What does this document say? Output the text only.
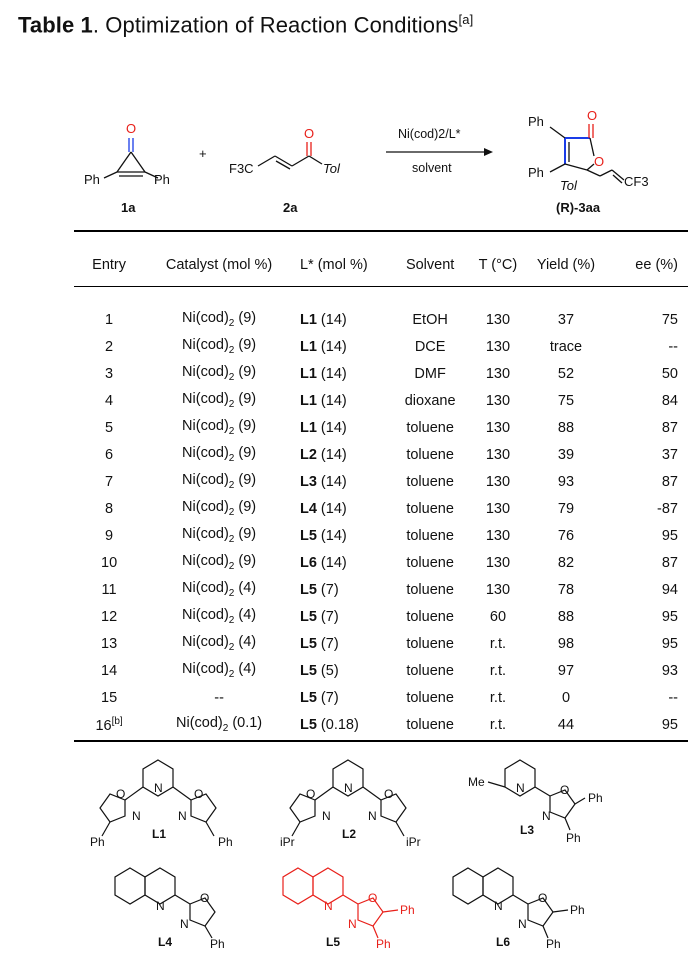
Table 1. Optimization of Reaction Conditions[a]
O
Ph	Ph
1a
+
O
F3C	Tol
2a
Ni(cod)2/L*
solvent
O
O
Ph
Ph
Tol	CF3
(R)-3aa
Entry	Catalyst (mol %)	L* (mol %)	Solvent	T (°C)	Yield (%)	ee (%)

1	$Ni(cod)_2$ (9)	L1 (14)	EtOH	130	37	75
2	$Ni(cod)_2$ (9)	L1 (14)	DCE	130	trace	--
3	$Ni(cod)_2$ (9)	L1 (14)	DMF	130	52	50
4	$Ni(cod)_2$ (9)	L1 (14)	dioxane	130	75	84
5	$Ni(cod)_2$ (9)	L1 (14)	toluene	130	88	87
6	$Ni(cod)_2$ (9)	L2 (14)	toluene	130	39	37
7	$Ni(cod)_2$ (9)	L3 (14)	toluene	130	93	87
8	$Ni(cod)_2$ (9)	L4 (14)	toluene	130	79	-87
9	$Ni(cod)_2$ (9)	L5 (14)	toluene	130	76	95
10	$Ni(cod)_2$ (9)	L6 (14)	toluene	130	82	87
11	$Ni(cod)_2$ (4)	L5 (7)	toluene	130	78	94
12	$Ni(cod)_2$ (4)	L5 (7)	toluene	60	88	95
13	$Ni(cod)_2$ (4)	L5 (7)	toluene	r.t.	98	95
14	$Ni(cod)_2$ (4)	L5 (5)	toluene	r.t.	97	93
15	--	L5 (7)	toluene	r.t.	0	--
16[b]	$Ni(cod)_2$ (0.1)	L5 (0.18)	toluene	r.t.	44	95
N
O
N
O
N
Ph	Ph
L1
N
O
N
O
N
iPr	iPr
L2
Me	N	O
N
Ph
Ph
L3
N
O
N
Ph
L4
N
O
N
Ph
Ph
L5
N
O
N
Ph
Ph
L6
